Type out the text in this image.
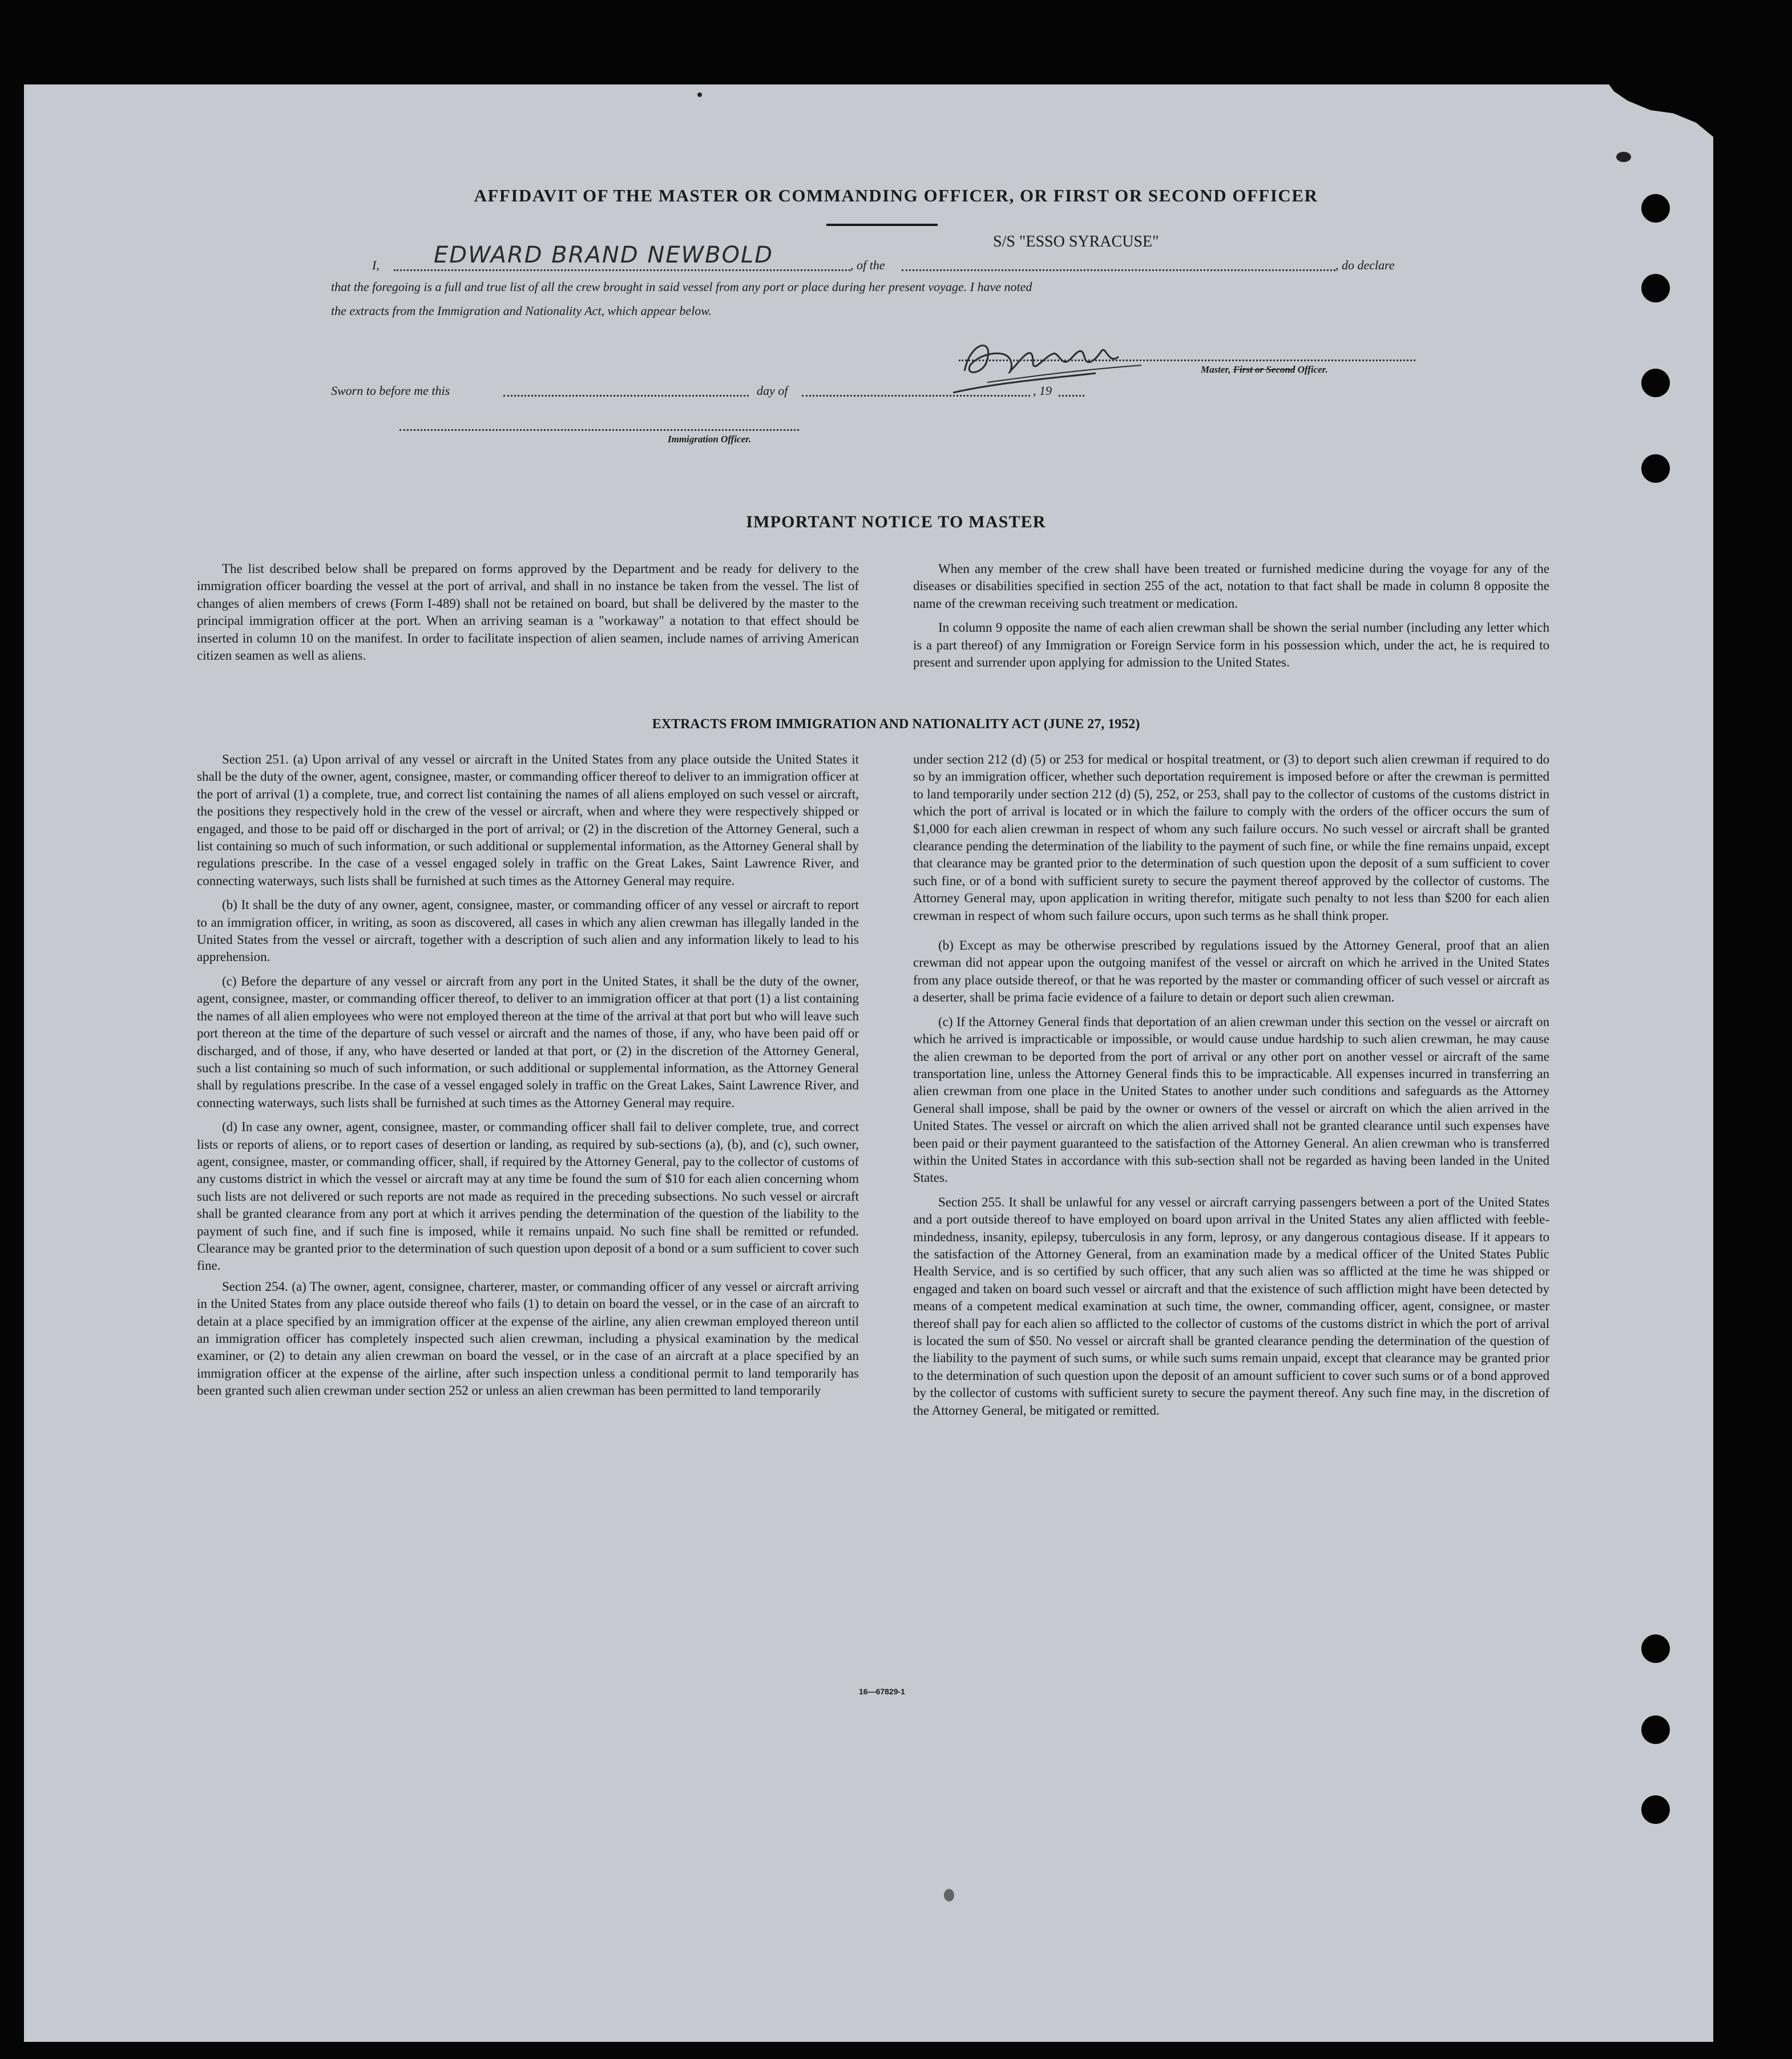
AFFIDAVIT OF THE MASTER OR COMMANDING OFFICER, OR FIRST OR SECOND OFFICER
I, EDWARD BRAND NEWBOLD	, of the
S/S "ESSO SYRACUSE"
, do declare
that the foregoing is a full and true list of all the crew brought in said vessel from any port or place during her present voyage. I have noted
the extracts from the Immigration and Nationality Act, which appear below.
Master, First or Second Officer.
Sworn to before me this	day of	, 19
Immigration Officer.
IMPORTANT NOTICE TO MASTER

The list described below shall be prepared on forms approved by the Department and be ready for delivery to the immigration officer boarding the vessel at the port of arrival, and shall in no instance be taken from the vessel. The list of changes of alien members of crews (Form I-489) shall not be retained on board, but shall be delivered by the master to the principal immigration officer at the port. When an arriving seaman is a "workaway" a notation to that effect should be inserted in column 10 on the manifest. In order to facilitate inspection of alien seamen, include names of arriving American citizen seamen as well as aliens.

When any member of the crew shall have been treated or furnished medicine during the voyage for any of the diseases or disabilities specified in section 255 of the act, notation to that fact shall be made in column 8 opposite the name of the crewman receiving such treatment or medication.

In column 9 opposite the name of each alien crewman shall be shown the serial number (including any letter which is a part thereof) of any Immigration or Foreign Service form in his possession which, under the act, he is required to present and surrender upon applying for admission to the United States.

EXTRACTS FROM IMMIGRATION AND NATIONALITY ACT (JUNE 27, 1952)

Section 251. (a) Upon arrival of any vessel or aircraft in the United States from any place outside the United States it shall be the duty of the owner, agent, consignee, master, or commanding officer thereof to deliver to an immigration officer at the port of arrival (1) a complete, true, and correct list containing the names of all aliens employed on such vessel or aircraft, the positions they respectively hold in the crew of the vessel or aircraft, when and where they were respectively shipped or engaged, and those to be paid off or discharged in the port of arrival; or (2) in the discretion of the Attorney General, such a list containing so much of such information, or such additional or supplemental information, as the Attorney General shall by regulations prescribe. In the case of a vessel engaged solely in traffic on the Great Lakes, Saint Lawrence River, and connecting waterways, such lists shall be furnished at such times as the Attorney General may require.

(b) It shall be the duty of any owner, agent, consignee, master, or commanding officer of any vessel or aircraft to report to an immigration officer, in writing, as soon as discovered, all cases in which any alien crewman has illegally landed in the United States from the vessel or aircraft, together with a description of such alien and any information likely to lead to his apprehension.

(c) Before the departure of any vessel or aircraft from any port in the United States, it shall be the duty of the owner, agent, consignee, master, or commanding officer thereof, to deliver to an immigration officer at that port (1) a list containing the names of all alien employees who were not employed thereon at the time of the arrival at that port but who will leave such port thereon at the time of the departure of such vessel or aircraft and the names of those, if any, who have been paid off or discharged, and of those, if any, who have deserted or landed at that port, or (2) in the discretion of the Attorney General, such a list containing so much of such information, or such additional or supplemental information, as the Attorney General shall by regulations prescribe. In the case of a vessel engaged solely in traffic on the Great Lakes, Saint Lawrence River, and connecting waterways, such lists shall be furnished at such times as the Attorney General may require.

(d) In case any owner, agent, consignee, master, or commanding officer shall fail to deliver complete, true, and correct lists or reports of aliens, or to report cases of desertion or landing, as required by sub-sections (a), (b), and (c), such owner, agent, consignee, master, or commanding officer, shall, if required by the Attorney General, pay to the collector of customs of any customs district in which the vessel or aircraft may at any time be found the sum of $10 for each alien concerning whom such lists are not delivered or such reports are not made as required in the preceding subsections. No such vessel or aircraft shall be granted clearance from any port at which it arrives pending the determination of the question of the liability to the payment of such fine, and if such fine is imposed, while it remains unpaid. No such fine shall be remitted or refunded. Clearance may be granted prior to the determination of such question upon deposit of a bond or a sum sufficient to cover such fine.

Section 254. (a) The owner, agent, consignee, charterer, master, or commanding officer of any vessel or aircraft arriving in the United States from any place outside thereof who fails (1) to detain on board the vessel, or in the case of an aircraft to detain at a place specified by an immigration officer at the expense of the airline, any alien crewman employed thereon until an immigration officer has completely inspected such alien crewman, including a physical examination by the medical examiner, or (2) to detain any alien crewman on board the vessel, or in the case of an aircraft at a place specified by an immigration officer at the expense of the airline, after such inspection unless a conditional permit to land temporarily has been granted such alien crewman under section 252 or unless an alien crewman has been permitted to land temporarily

under section 212 (d) (5) or 253 for medical or hospital treatment, or (3) to deport such alien crewman if required to do so by an immigration officer, whether such deportation requirement is imposed before or after the crewman is permitted to land temporarily under section 212 (d) (5), 252, or 253, shall pay to the collector of customs of the customs district in which the port of arrival is located or in which the failure to comply with the orders of the officer occurs the sum of $1,000 for each alien crewman in respect of whom any such failure occurs. No such vessel or aircraft shall be granted clearance pending the determination of the liability to the payment of such fine, or while the fine remains unpaid, except that clearance may be granted prior to the determination of such question upon the deposit of a sum sufficient to cover such fine, or of a bond with sufficient surety to secure the payment thereof approved by the collector of customs. The Attorney General may, upon application in writing therefor, mitigate such penalty to not less than $200 for each alien crewman in respect of whom such failure occurs, upon such terms as he shall think proper.

(b) Except as may be otherwise prescribed by regulations issued by the Attorney General, proof that an alien crewman did not appear upon the outgoing manifest of the vessel or aircraft on which he arrived in the United States from any place outside thereof, or that he was reported by the master or commanding officer of such vessel or aircraft as a deserter, shall be prima facie evidence of a failure to detain or deport such alien crewman.

(c) If the Attorney General finds that deportation of an alien crewman under this section on the vessel or aircraft on which he arrived is impracticable or impossible, or would cause undue hardship to such alien crewman, he may cause the alien crewman to be deported from the port of arrival or any other port on another vessel or aircraft of the same transportation line, unless the Attorney General finds this to be impracticable. All expenses incurred in transferring an alien crewman from one place in the United States to another under such conditions and safeguards as the Attorney General shall impose, shall be paid by the owner or owners of the vessel or aircraft on which the alien arrived in the United States. The vessel or aircraft on which the alien arrived shall not be granted clearance until such expenses have been paid or their payment guaranteed to the satisfaction of the Attorney General. An alien crewman who is transferred within the United States in accordance with this sub-section shall not be regarded as having been landed in the United States.

Section 255. It shall be unlawful for any vessel or aircraft carrying passengers between a port of the United States and a port outside thereof to have employed on board upon arrival in the United States any alien afflicted with feeble-mindedness, insanity, epilepsy, tuberculosis in any form, leprosy, or any dangerous contagious disease. If it appears to the satisfaction of the Attorney General, from an examination made by a medical officer of the United States Public Health Service, and is so certified by such officer, that any such alien was so afflicted at the time he was shipped or engaged and taken on board such vessel or aircraft and that the existence of such affliction might have been detected by means of a competent medical examination at such time, the owner, commanding officer, agent, consignee, or master thereof shall pay for each alien so afflicted to the collector of customs of the customs district in which the port of arrival is located the sum of $50. No vessel or aircraft shall be granted clearance pending the determination of the question of the liability to the payment of such sums, or while such sums remain unpaid, except that clearance may be granted prior to the determination of such question upon the deposit of an amount sufficient to cover such sums or of a bond approved by the collector of customs with sufficient surety to secure the payment thereof. Any such fine may, in the discretion of the Attorney General, be mitigated or remitted.

16—67829-1
